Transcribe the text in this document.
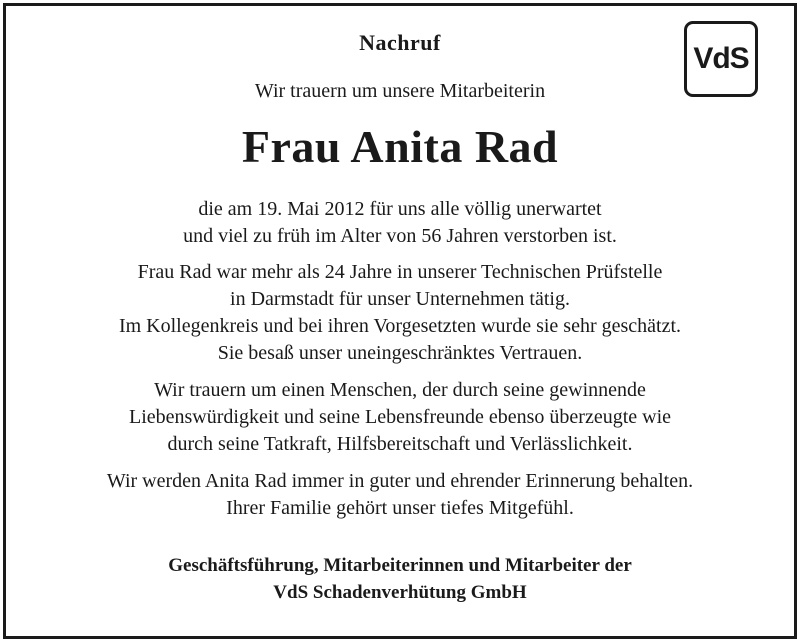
Nachruf	VdS
Wir trauern um unsere Mitarbeiterin
Frau Anita Rad
die am 19. Mai 2012 für uns alle völlig unerwartet
und viel zu früh im Alter von 56 Jahren verstorben ist.
Frau Rad war mehr als 24 Jahre in unserer Technischen Prüfstelle
in Darmstadt für unser Unternehmen tätig.
Im Kollegenkreis und bei ihren Vorgesetzten wurde sie sehr geschätzt.
Sie besaß unser uneingeschränktes Vertrauen.
Wir trauern um einen Menschen, der durch seine gewinnende
Liebenswürdigkeit und seine Lebensfreunde ebenso überzeugte wie
durch seine Tatkraft, Hilfsbereitschaft und Verlässlichkeit.
Wir werden Anita Rad immer in guter und ehrender Erinnerung behalten.
Ihrer Familie gehört unser tiefes Mitgefühl.
Geschäftsführung, Mitarbeiterinnen und Mitarbeiter der
VdS Schadenverhütung GmbH
